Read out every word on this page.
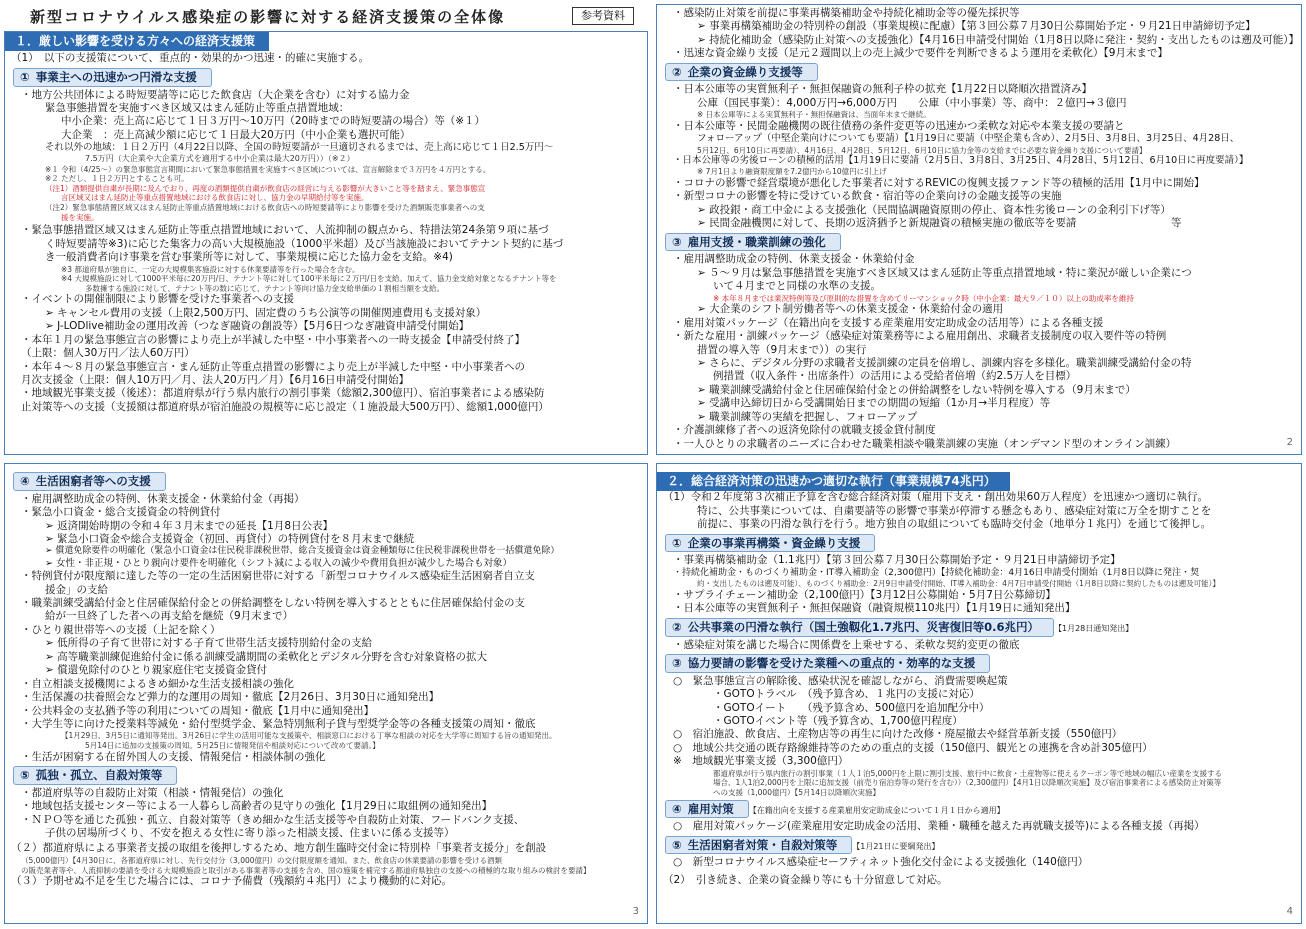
新型コロナウイルス感染症の影響に対する経済支援策の全体像	参考資料
１．厳しい影響を受ける方々への経済支援策
（1）　以下の支援策について、重点的・効果的かつ迅速・的確に実施する。
① 事業主への迅速かつ円滑な支援
・地方公共団体による時短要請等に応じた飲食店（大企業を含む）に対する協力金
緊急事態措置を実施すべき区域又はまん延防止等重点措置地域：
中小企業：売上高に応じて１日３万円〜10万円（20時までの時短要請の場合）等（※１）
大企業　：売上高減少額に応じて１日最大20万円（中小企業も選択可能）
それ以外の地域：１日２万円（4月22日以降、全国の時短要請が一旦適切されるまでは、売上高に応じて１日2.5万円〜
7.5万円（大企業や大企業方式を適用する中小企業は最大20万円））（※２）
※１ 令和（4/25〜）の緊急事態宣言期間において緊急事態措置を実施すべき区域については、宣言解除まで３万円を４万円とする。
※２ ただし、１日２万円とすることも可。
（注1）酒類提供自粛が長期に及んでおり、再度の酒類提供自粛が飲食店の経営に与える影響が大きいこと等を踏まえ、緊急事態宣
言区域又はまん延防止等重点措置地域における飲食店に対し、協力金の早期給付等を実施。
（注2）緊急事態措置区域又はまん延防止等重点措置地域における飲食店への時短要請等により影響を受けた酒類販売事業者への支
援を実施。
・緊急事態措置区域又はまん延防止等重点措置地域において、人流抑制の観点から、特措法第24条第９項に基づ
く時短要請等※3)に応じた集客力の高い大規模施設（1000平米超）及び当該施設においてテナント契約に基づ
き一般消費者向け事業を営む事業所等に対して、事業規模に応じた協力金を支給。※4)
※3 都道府県が独自に、一定の大規模集客施設に対する休業要請等を行った場合を含む。
※4 大規模施設に対して1000平米毎に20万円/日、テナント等に対して100平米毎に２万円/日を支給。加えて、協力金支給対象となるテナント等を
多数擁する施設に対して、テナント等の数に応じて、テナント等向け協力金支給単価の１割相当額を支給。
・イベントの開催制限により影響を受けた事業者への支援
➢ キャンセル費用の支援（上限2,500万円、固定費のうち公演等の開催関連費用も支援対象）
➢ J-LODlive補助金の運用改善（つなぎ融資の創設等）【5月6日つなぎ融資申請受付開始】
・本年１月の緊急事態宣言の影響により売上が半減した中堅・中小事業者への一時支援金【申請受付終了】
（上限：個人30万円／法人60万円）
・本年４〜８月の緊急事態宣言・まん延防止等重点措置の影響により売上が半減した中堅・中小事業者への
月次支援金（上限：個人10万円／月、法人20万円／月）【6月16日申請受付開始】
・地域観光事業支援（後述）：都道府県が行う県内旅行の割引事業（総額2,300億円）、宿泊事業者による感染防
止対策等への支援（支援額は都道府県が宿泊施設の規模等に応じ設定（１施設最大500万円）、総額1,000億円）
・感染防止対策を前提に事業再構築補助金や持続化補助金等の優先採択等
➢ 事業再構築補助金の特別枠の創設（事業規模に配慮）【第３回公募７月30日公募開始予定・９月21日申請締切予定】
➢ 持続化補助金（感染防止対策への支援強化）【4月16日申請受付開始（1月8日以降に発注・契約・支出したものは遡及可能）】
・迅速な資金繰り支援（足元２週間以上の売上減少で要件を判断できるよう運用を柔軟化）【9月末まで】
② 企業の資金繰り支援等
・日本公庫等の実質無利子・無担保融資の無利子枠の拡充【1月22日以降順次措置済み】
公庫（国民事業）：4,000万円→6,000万円　　公庫（中小事業）等、商中：２億円→３億円
※ 日本公庫等による実質無利子・無担保融資は、当面年末まで継続。
・日本公庫等・民間金融機関の既往債務の条件変更等の迅速かつ柔軟な対応や本業支援の要請と
フォローアップ（中堅企業向けについても要請）【1月19日に要請（中堅企業も含め）、2月5日、3月8日、3月25日、4月28日、
5月12日、6月10日に再要請）、4月16日、4月28日、5月12日、6月10日に協力金等の支給までに必要な資金繰り支援について要請】
・日本公庫等の劣後ローンの積極的活用【1月19日に要請（2月5日、3月8日、3月25日、4月28日、5月12日、6月10日に再度要請）】
※ 7月1日より融資限度額を7.2億円から10億円に引上げ
・コロナの影響で経営環境が悪化した事業者に対するREVICの復興支援ファンド等の積極的活用【1月中に開始】
・新型コロナの影響を特に受けている飲食・宿泊等の企業向けの金融支援等の実施
➢ 政投銀・商工中金による支援強化（民間協調融資原則の停止、資本性劣後ローンの金利引下げ等）
➢ 民間金融機関に対して、長期の返済猶予と新規融資の積極実施の徹底等を要請　　　　　　　　　等
③ 雇用支援・職業訓練の強化
・雇用調整助成金の特例、休業支援金・休業給付金
➢ ５〜９月は緊急事態措置を実施すべき区域又はまん延防止等重点措置地域・特に業況が厳しい企業につ
いて４月までと同様の水準の支援。
※ 本年８月までは業況特例等及び原則的な措置を含めてリーマンショック時（中小企業：最大９／１０）以上の助成率を維持
➢ 大企業のシフト制労働者等への休業支援金・休業給付金の適用
・雇用対策パッケージ（在籍出向を支援する産業雇用安定助成金の活用等）による各種支援
・新たな雇用・訓練パッケージ（感染症対策業務等による雇用創出、求職者支援制度の収入要件等の特例
措置の導入等（9月末まで））の実行
➢ さらに、デジタル分野の求職者支援訓練の定員を倍増し、訓練内容を多様化。職業訓練受講給付金の特
例措置（収入条件・出席条件）の活用による受給者倍増（約2.5万人を目標）
➢ 職業訓練受講給付金と住居確保給付金との併給調整をしない特例を導入する（9月末まで）
➢ 受講申込締切日から受講開始日までの期間の短縮（1か月→半月程度）等
➢ 職業訓練等の実績を把握し、フォローアップ
・介護訓練修了者への返済免除付の就職支援金貸付制度
・一人ひとりの求職者のニーズに合わせた職業相談や職業訓練の実施（オンデマンド型のオンライン訓練）	2
④ 生活困窮者等への支援
・雇用調整助成金の特例、休業支援金・休業給付金（再掲）
・緊急小口資金・総合支援資金の特例貸付
➢ 返済開始時期の令和４年３月末までの延長【1月8日公表】
➢ 緊急小口資金や総合支援資金（初回、再貸付）の特例貸付を８月末まで継続
➢ 償還免除要件の明確化（緊急小口資金は住民税非課税世帯、総合支援資金は資金種類毎に住民税非課税世帯を一括償還免除）
➢ 女性・非正規・ひとり親向け要件を明確化（シフト減による収入の減少や費用負担が減少した場合も対象）
・特例貸付が限度額に達した等の一定の生活困窮世帯に対する「新型コロナウイルス感染症生活困窮者自立支
援金」の支給
・職業訓練受講給付金と住居確保給付金との併給調整をしない特例を導入するとともに住居確保給付金の支
給が一旦終了した者への再支給を継続（9月末まで）
・ひとり親世帯等への支援（上記を除く）
➢ 低所得の子育て世帯に対する子育て世帯生活支援特別給付金の支給
➢ 高等職業訓練促進給付金に係る訓練受講期間の柔軟化とデジタル分野を含む対象資格の拡大
➢ 償還免除付のひとり親家庭住宅支援資金貸付
・自立相談支援機関によるきめ細かな生活支援相談の強化
・生活保護の扶養照会など弾力的な運用の周知・徹底【2月26日、3月30日に通知発出】
・公共料金の支払猶予等の利用についての周知・徹底【1月中に通知発出】
・大学生等に向けた授業料等減免・給付型奨学金、緊急特別無利子貸与型奨学金等の各種支援策の周知・徹底
【1月29日、3月5日に通知等発出。3月26日に学生の活用可能な支援策や、相談窓口における丁寧な相談の対応を大学等に周知する旨の通知発出。
5月14日に追加の支援策の周知。5月25日に情報発信や相談対応について改めて要請。】
・生活が困窮する在留外国人の支援、情報発信・相談体制の強化
⑤ 孤独・孤立、自殺対策等
・都道府県等の自殺防止対策（相談・情報発信）の強化
・地域包括支援センター等による一人暮らし高齢者の見守りの強化【1月29日に取組例の通知発出】
・ＮＰＯ等を通じた孤独・孤立、自殺対策等（きめ細かな生活支援等や自殺防止対策、フードバンク支援、
子供の居場所づくり、不安を抱える女性に寄り添った相談支援、住まいに係る支援等）
（２）都道府県による事業者支援の取組を後押しするため、地方創生臨時交付金に特別枠「事業者支援分」を創設
（5,000億円）【4月30日に、各都道府県に対し、先行交付分（3,000億円）の交付限度額を通知。また、飲食店の休業要請の影響を受ける酒類
の販売業者等や、人流抑制の要請を受ける大規模施設と取引がある事業者等の支援を含め、国の施策を補完する都道府県独自の支援への積極的な取り組みの検討を要請】
（３）予期せぬ不足を生じた場合には、コロナ予備費（残額約４兆円）により機動的に対応。
3
２．総合経済対策の迅速かつ適切な執行（事業規模74兆円）
（1）令和２年度第３次補正予算を含む総合経済対策（雇用下支え・創出効果60万人程度）を迅速かつ適切に執行。
特に、公共事業については、自粛要請等の影響で事業が停滞する懸念もあり、感染症対策に万全を期すことを
前提に、事業の円滑な執行を行う。地方独自の取組についても臨時交付金（地単分１兆円）を通じて後押し。
① 企業の事業再構築・資金繰り支援
・事業再構築補助金（1.1兆円）【第３回公募７月30日公募開始予定・９月21日申請締切予定】
・持続化補助金・ものづくり補助金・IT導入補助金（2,300億円）【持続化補助金：4月16日申請受付開始（1月8日以降に発注・契
約・支出したものは遡及可能）、ものづくり補助金：2月9日申請受付開始、IT導入補助金：4月7日申請受付開始（1月8日以降に契約したものは遡及可能）】
・サプライチェーン補助金（2,100億円）【3月12日公募開始・5月7日公募締切】
・日本公庫等の実質無利子・無担保融資（融資規模110兆円）【1月19日に通知発出】
② 公共事業の円滑な執行（国土強靱化1.7兆円、災害復旧等0.6兆円） 【1月28日通知発出】
・感染症対策を講じた場合に関係費を上乗せする、柔軟な契約変更の徹底
③ 協力要請の影響を受けた業種への重点的・効率的な支援
○　緊急事態宣言の解除後、感染状況を確認しながら、消費需要喚起策
・GOTOトラベル　（残予算含め、１兆円の支援に対応）
・GOTOイート　　（残予算含め、500億円を追加配分中）
・GOTOイベント等（残予算含め、1,700億円程度）
○　宿泊施設、飲食店、土産物店等の再生に向けた改修・廃屋撤去や経営革新支援（550億円）
○　地域公共交通の既存路線維持等のための重点的支援（150億円、観光との連携を含め計305億円）
※　地域観光事業支援（3,300億円）
都道府県が行う県内旅行の割引事業（１人１泊5,000円を上限に割引支援、旅行中に飲食・土産物等に使えるクーポン等で地域の幅広い産業を支援する
場合、1人1泊2,000円を上限に追加支援（前売り宿泊券等の発行を含む））（2,300億円）【4月1日以降順次実施】及び宿泊事業者による感染防止対策等
への支援（1,000億円）【5月14日以降順次実施】
④ 雇用対策 【在籍出向を支援する産業雇用安定助成金について１月１日から適用】
○　雇用対策パッケージ(産業雇用安定助成金の活用、業種・職種を越えた再就職支援等)による各種支援（再掲）
⑤ 生活困窮者対策・自殺対策等 【1月21日に要綱発出】
○　新型コロナウイルス感染症セーフティネット強化交付金による支援強化（140億円）
（2）　引き続き、企業の資金繰り等にも十分留意して対応。
4
